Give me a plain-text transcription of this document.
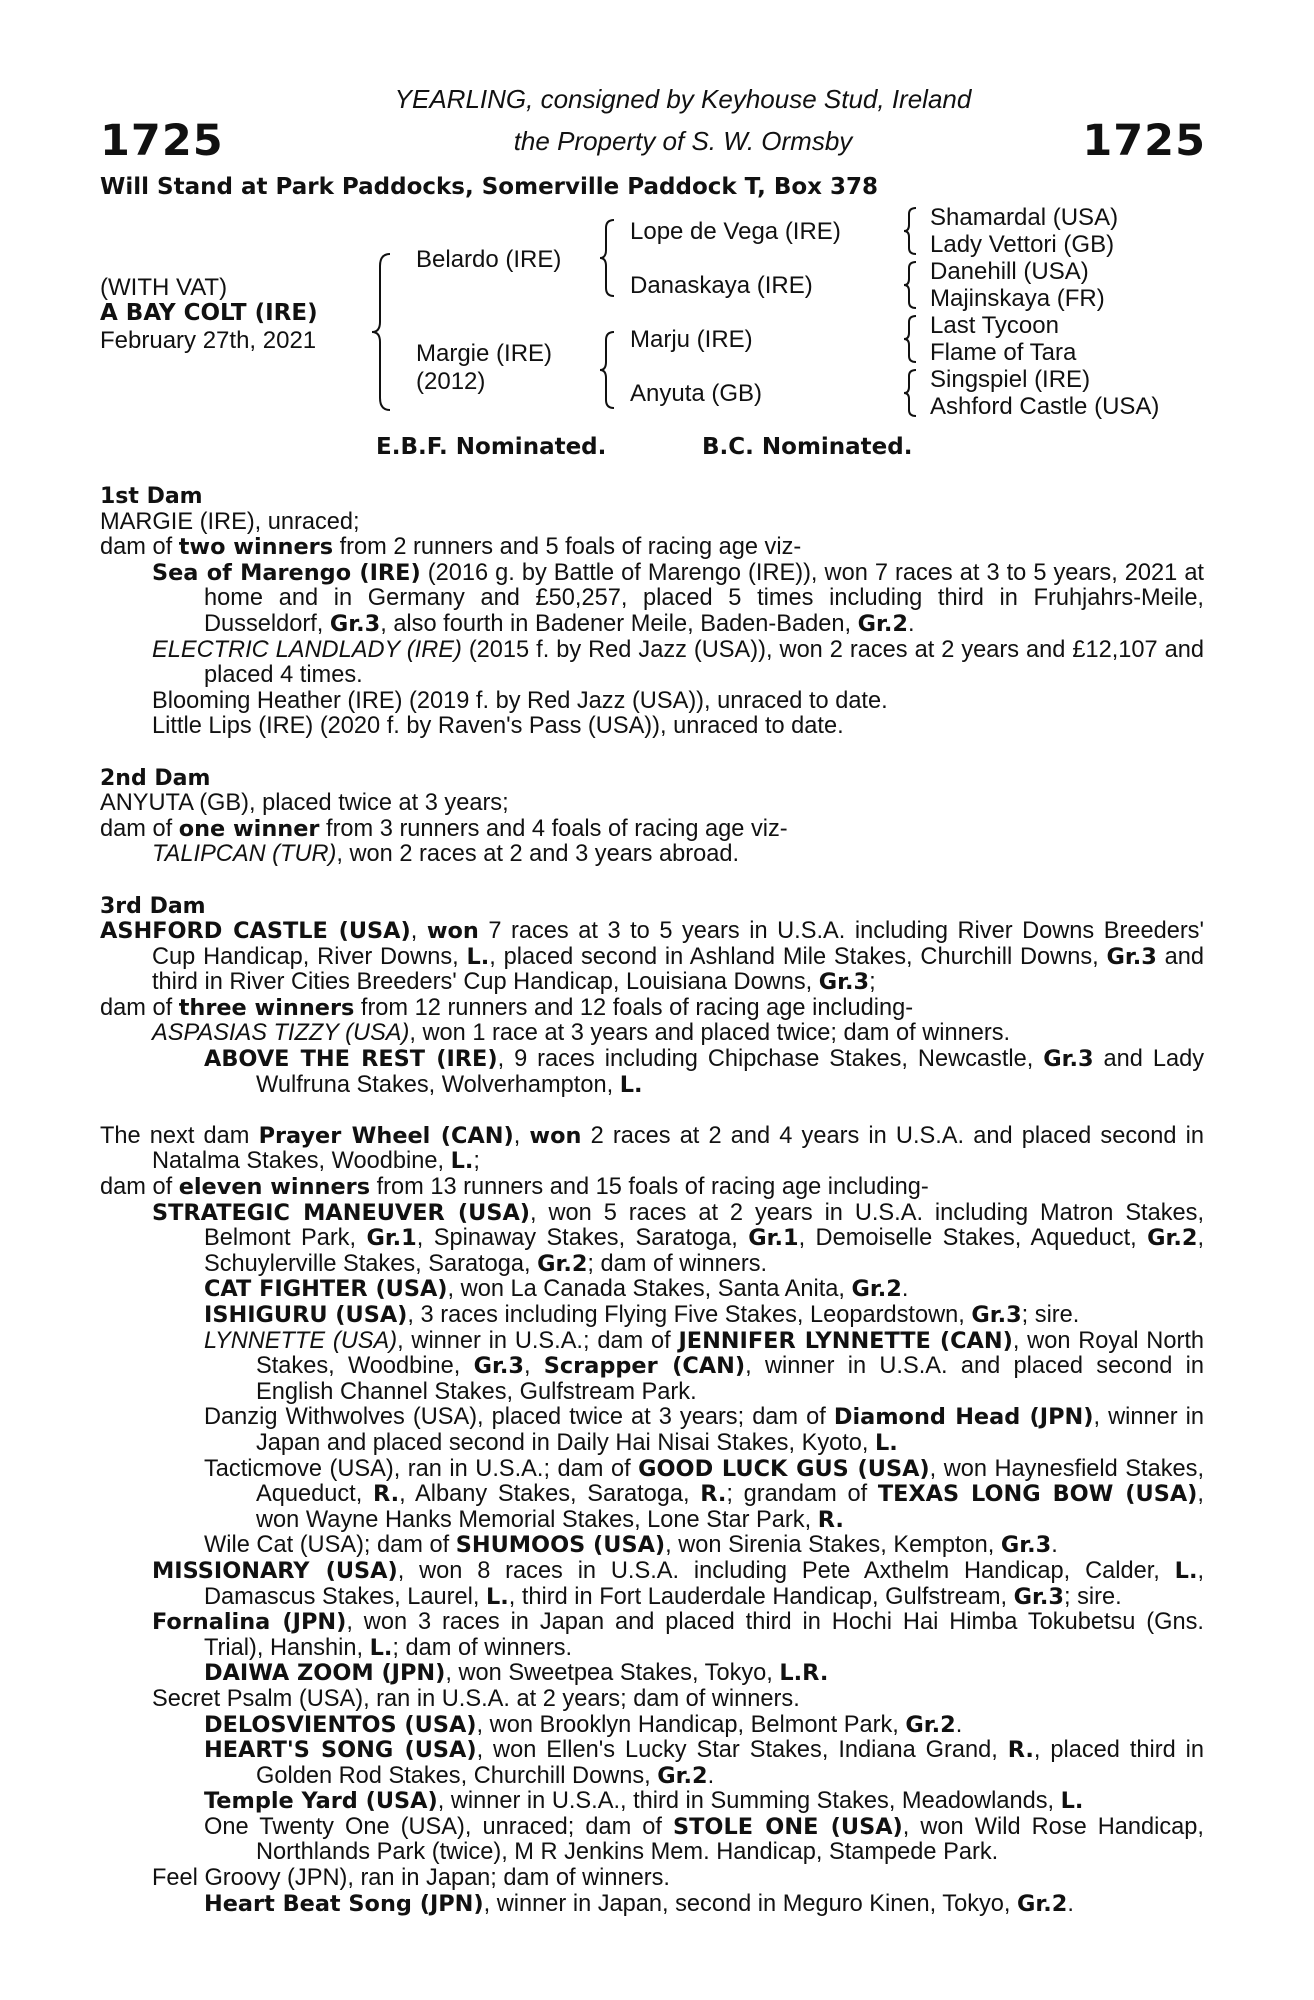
1725	1725
YEARLING, consigned by Keyhouse Stud, Ireland
the Property of S. W. Ormsby
Will Stand at Park Paddocks, Somerville Paddock T, Box 378
(WITH VAT)
A BAY COLT (IRE)
February 27th, 2021
Belardo (IRE)
Margie (IRE)
(2012)
Lope de Vega (IRE)
Danaskaya (IRE)
Marju (IRE)
Anyuta (GB)
Shamardal (USA)
Lady Vettori (GB)
Danehill (USA)
Majinskaya (FR)
Last Tycoon
Flame of Tara
Singspiel (IRE)
Ashford Castle (USA)
E.B.F. Nominated.	B.C. Nominated.
1st Dam

MARGIE (IRE), unraced;

dam of two winners from 2 runners and 5 foals of racing age viz-

Sea of Marengo (IRE) (2016 g. by Battle of Marengo (IRE)), won 7 races at 3 to 5 years, 2021 at home and in Germany and £50,257, placed 5 times including third in Fruhjahrs-Meile, Dusseldorf, Gr.3, also fourth in Badener Meile, Baden-Baden, Gr.2.

ELECTRIC LANDLADY (IRE) (2015 f. by Red Jazz (USA)), won 2 races at 2 years and £12,107 and placed 4 times.

Blooming Heather (IRE) (2019 f. by Red Jazz (USA)), unraced to date.

Little Lips (IRE) (2020 f. by Raven's Pass (USA)), unraced to date.

2nd Dam

ANYUTA (GB), placed twice at 3 years;

dam of one winner from 3 runners and 4 foals of racing age viz-

TALIPCAN (TUR), won 2 races at 2 and 3 years abroad.

3rd Dam

ASHFORD CASTLE (USA), won 7 races at 3 to 5 years in U.S.A. including River Downs Breeders' Cup Handicap, River Downs, L., placed second in Ashland Mile Stakes, Churchill Downs, Gr.3 and third in River Cities Breeders' Cup Handicap, Louisiana Downs, Gr.3;

dam of three winners from 12 runners and 12 foals of racing age including-

ASPASIAS TIZZY (USA), won 1 race at 3 years and placed twice; dam of winners.

ABOVE THE REST (IRE), 9 races including Chipchase Stakes, Newcastle, Gr.3 and Lady Wulfruna Stakes, Wolverhampton, L.

The next dam Prayer Wheel (CAN), won 2 races at 2 and 4 years in U.S.A. and placed second in Natalma Stakes, Woodbine, L.;

dam of eleven winners from 13 runners and 15 foals of racing age including-

STRATEGIC MANEUVER (USA), won 5 races at 2 years in U.S.A. including Matron Stakes, Belmont Park, Gr.1, Spinaway Stakes, Saratoga, Gr.1, Demoiselle Stakes, Aqueduct, Gr.2, Schuylerville Stakes, Saratoga, Gr.2; dam of winners.

CAT FIGHTER (USA), won La Canada Stakes, Santa Anita, Gr.2.

ISHIGURU (USA), 3 races including Flying Five Stakes, Leopardstown, Gr.3; sire.

LYNNETTE (USA), winner in U.S.A.; dam of JENNIFER LYNNETTE (CAN), won Royal North Stakes, Woodbine, Gr.3, Scrapper (CAN), winner in U.S.A. and placed second in English Channel Stakes, Gulfstream Park.

Danzig Withwolves (USA), placed twice at 3 years; dam of Diamond Head (JPN), winner in Japan and placed second in Daily Hai Nisai Stakes, Kyoto, L.

Tacticmove (USA), ran in U.S.A.; dam of GOOD LUCK GUS (USA), won Haynesfield Stakes, Aqueduct, R., Albany Stakes, Saratoga, R.; grandam of TEXAS LONG BOW (USA), won Wayne Hanks Memorial Stakes, Lone Star Park, R.

Wile Cat (USA); dam of SHUMOOS (USA), won Sirenia Stakes, Kempton, Gr.3.

MISSIONARY (USA), won 8 races in U.S.A. including Pete Axthelm Handicap, Calder, L., Damascus Stakes, Laurel, L., third in Fort Lauderdale Handicap, Gulfstream, Gr.3; sire.

Fornalina (JPN), won 3 races in Japan and placed third in Hochi Hai Himba Tokubetsu (Gns. Trial), Hanshin, L.; dam of winners.

DAIWA ZOOM (JPN), won Sweetpea Stakes, Tokyo, L.R.

Secret Psalm (USA), ran in U.S.A. at 2 years; dam of winners.

DELOSVIENTOS (USA), won Brooklyn Handicap, Belmont Park, Gr.2.

HEART'S SONG (USA), won Ellen's Lucky Star Stakes, Indiana Grand, R., placed third in Golden Rod Stakes, Churchill Downs, Gr.2.

Temple Yard (USA), winner in U.S.A., third in Summing Stakes, Meadowlands, L.

One Twenty One (USA), unraced; dam of STOLE ONE (USA), won Wild Rose Handicap, Northlands Park (twice), M R Jenkins Mem. Handicap, Stampede Park.

Feel Groovy (JPN), ran in Japan; dam of winners.

Heart Beat Song (JPN), winner in Japan, second in Meguro Kinen, Tokyo, Gr.2.
